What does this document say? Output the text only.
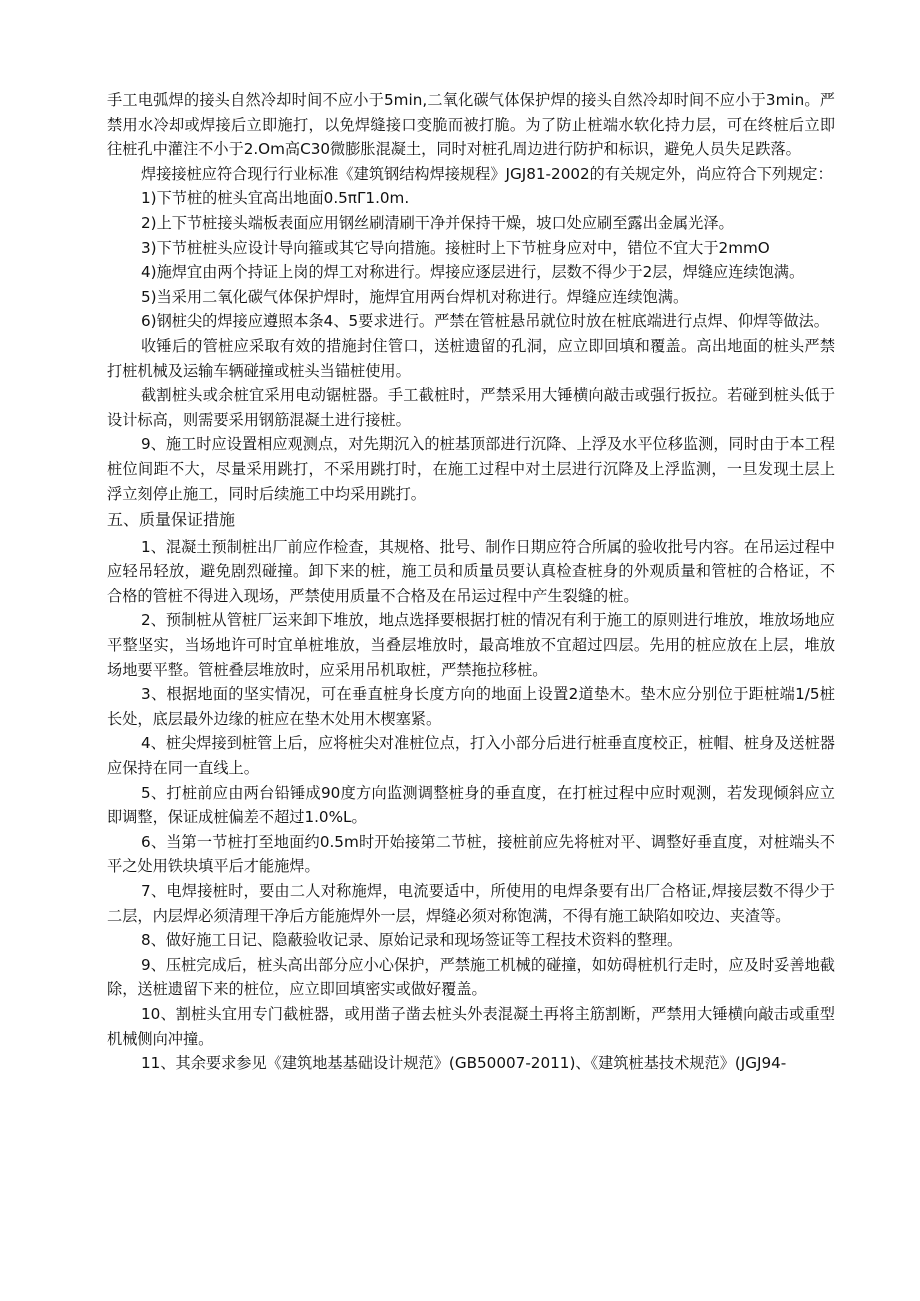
手工电弧焊的接头自然冷却时间不应小于5min,二氧化碳气体保护焊的接头自然冷却时间不应小于3min。严禁用水冷却或焊接后立即施打，以免焊缝接口变脆而被打脆。为了防止桩端水软化持力层，可在终桩后立即往桩孔中灌注不小于2.Om高C30微膨胀混凝土，同时对桩孔周边进行防护和标识，避免人员失足跌落。

焊接接桩应符合现行行业标准《建筑钢结构焊接规程》JGJ81-2002的有关规定外，尚应符合下列规定：

1)下节桩的桩头宜高出地面0.5πΓ1.0m.

2)上下节桩接头端板表面应用钢丝刷清刷干净并保持干燥，坡口处应刷至露出金属光泽。

3)下节桩桩头应设计导向箍或其它导向措施。接桩时上下节桩身应对中，错位不宜大于2mmO

4)施焊宜由两个持证上岗的焊工对称进行。焊接应逐层进行，层数不得少于2层，焊缝应连续饱满。

5)当采用二氧化碳气体保护焊时，施焊宜用两台焊机对称进行。焊缝应连续饱满。

6)钢桩尖的焊接应遵照本条4、5要求进行。严禁在管桩悬吊就位时放在桩底端进行点焊、仰焊等做法。

收锤后的管桩应采取有效的措施封住管口，送桩遗留的孔洞，应立即回填和覆盖。高出地面的桩头严禁打桩机械及运输车辆碰撞或桩头当锚桩使用。

截割桩头或余桩宜采用电动锯桩器。手工截桩时，严禁采用大锤横向敲击或强行扳拉。若碰到桩头低于设计标高，则需要采用钢筋混凝土进行接桩。

9、施工时应设置相应观测点，对先期沉入的桩基顶部进行沉降、上浮及水平位移监测，同时由于本工程桩位间距不大，尽量采用跳打，不采用跳打时，在施工过程中对土层进行沉降及上浮监测，一旦发现土层上浮立刻停止施工，同时后续施工中均采用跳打。

五、质量保证措施

1、混凝土预制桩出厂前应作检查，其规格、批号、制作日期应符合所属的验收批号内容。在吊运过程中应轻吊轻放，避免剧烈碰撞。卸下来的桩，施工员和质量员要认真检查桩身的外观质量和管桩的合格证，不合格的管桩不得进入现场，严禁使用质量不合格及在吊运过程中产生裂缝的桩。

2、预制桩从管桩厂运来卸下堆放，地点选择要根据打桩的情况有利于施工的原则进行堆放，堆放场地应平整坚实，当场地许可时宜单桩堆放，当叠层堆放时，最高堆放不宜超过四层。先用的桩应放在上层，堆放场地要平整。管桩叠层堆放时，应采用吊机取桩，严禁拖拉移桩。

3、根据地面的坚实情况，可在垂直桩身长度方向的地面上设置2道垫木。垫木应分别位于距桩端1/5桩长处，底层最外边缘的桩应在垫木处用木楔塞紧。

4、桩尖焊接到桩管上后，应将桩尖对准桩位点，打入小部分后进行桩垂直度校正，桩帽、桩身及送桩器应保持在同一直线上。

5、打桩前应由两台铅锤成90度方向监测调整桩身的垂直度，在打桩过程中应时观测，若发现倾斜应立即调整，保证成桩偏差不超过1.0%L。

6、当第一节桩打至地面约0.5m时开始接第二节桩，接桩前应先将桩对平、调整好垂直度，对桩端头不平之处用铁块填平后才能施焊。

7、电焊接桩时，要由二人对称施焊，电流要适中，所使用的电焊条要有出厂合格证,焊接层数不得少于二层，内层焊必须清理干净后方能施焊外一层，焊缝必须对称饱满，不得有施工缺陷如咬边、夹渣等。

8、做好施工日记、隐蔽验收记录、原始记录和现场签证等工程技术资料的整理。

9、压桩完成后，桩头高出部分应小心保护，严禁施工机械的碰撞，如妨碍桩机行走时，应及时妥善地截除，送桩遗留下来的桩位，应立即回填密实或做好覆盖。

10、割桩头宜用专门截桩器，或用凿子凿去桩头外表混凝土再将主筋割断，严禁用大锤横向敲击或重型机械侧向冲撞。

11、其余要求参见《建筑地基基础设计规范》(GB50007-2011)、《建筑桩基技术规范》(JGJ94-
